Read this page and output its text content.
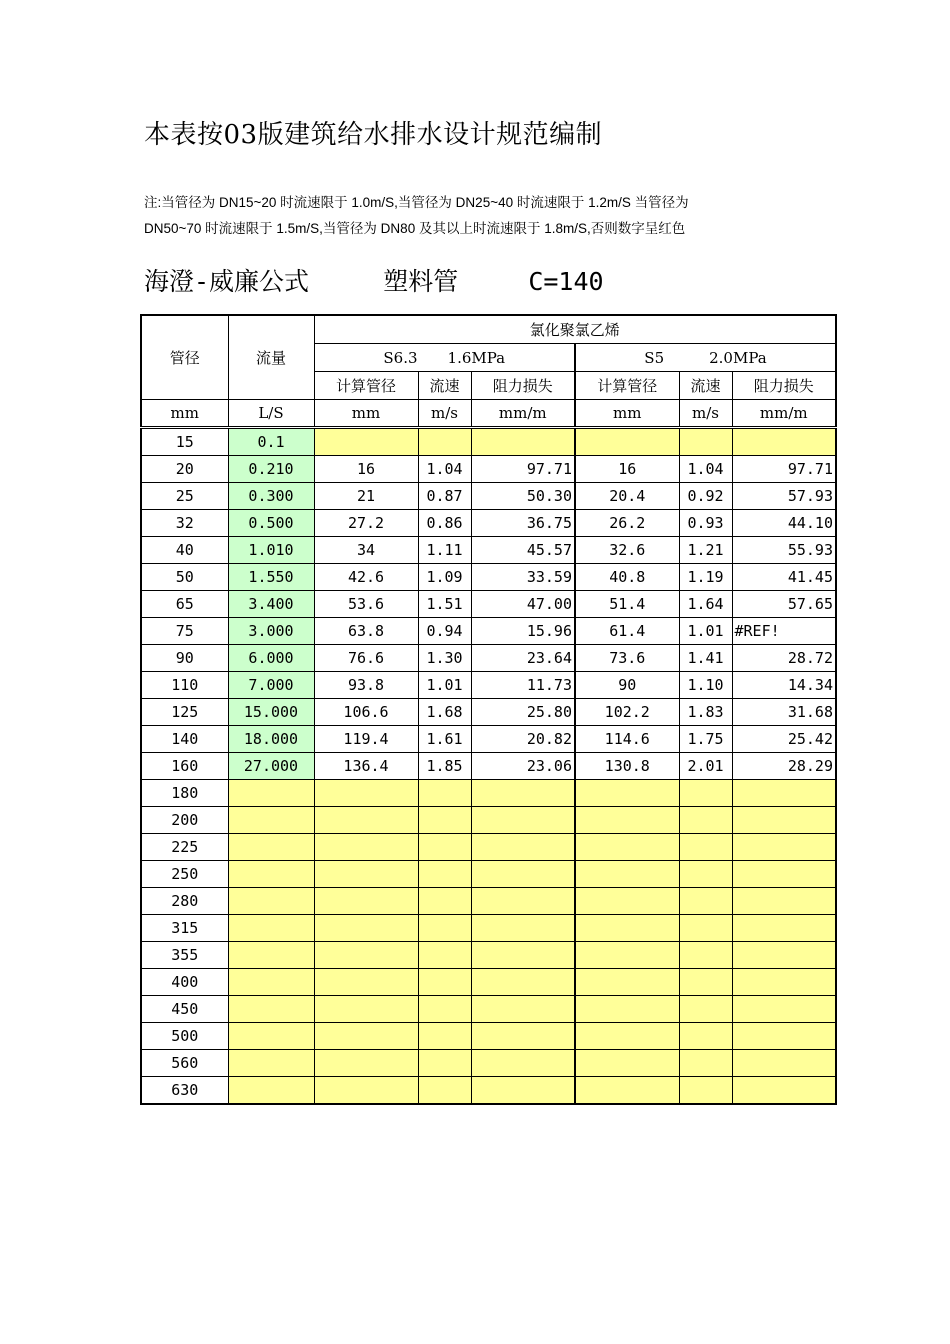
本表按03版建筑给水排水设计规范编制
注:当管径为 DN15~20 时流速限于 1.0m/S,当管径为 DN25~40 时流速限于 1.2m/S 当管径为
DN50~70 时流速限于 1.5m/S,当管径为 DN80 及其以上时流速限于 1.8m/S,否则数字呈红色
海澄-威廉公式	塑料管	C=140
管径	流量	氯化聚氯乙烯					
		S6.3　　1.6MPa			S5　　　2.0MPa		
		计算管径	流速	阻力损失	计算管径	流速	阻力损失
mm	L/S	mm	m/s	mm/m	mm	m/s	mm/m
15	0.1						
20	0.210	16	1.04	97.71	16	1.04	97.71
25	0.300	21	0.87	50.30	20.4	0.92	57.93
32	0.500	27.2	0.86	36.75	26.2	0.93	44.10
40	1.010	34	1.11	45.57	32.6	1.21	55.93
50	1.550	42.6	1.09	33.59	40.8	1.19	41.45
65	3.400	53.6	1.51	47.00	51.4	1.64	57.65
75	3.000	63.8	0.94	15.96	61.4	1.01	#REF!
90	6.000	76.6	1.30	23.64	73.6	1.41	28.72
110	7.000	93.8	1.01	11.73	90	1.10	14.34
125	15.000	106.6	1.68	25.80	102.2	1.83	31.68
140	18.000	119.4	1.61	20.82	114.6	1.75	25.42
160	27.000	136.4	1.85	23.06	130.8	2.01	28.29
180							
200							
225							
250							
280							
315							
355							
400							
450							
500							
560							
630							
